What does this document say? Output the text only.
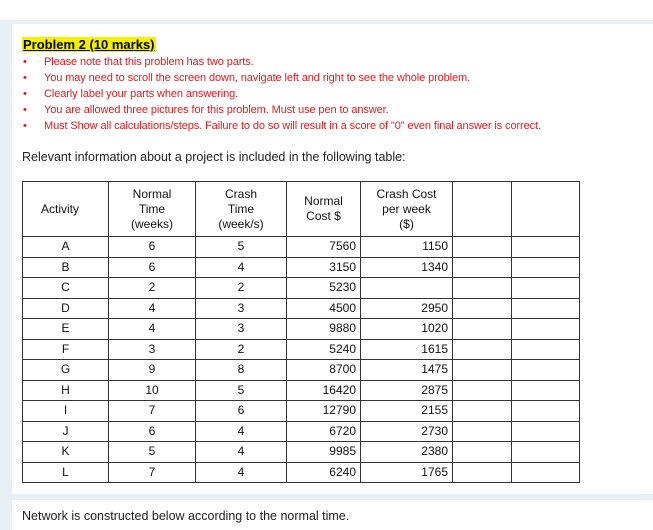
Problem 2 (10 marks)
• Please note that this problem has two parts.
• You may need to scroll the screen down, navigate left and right to see the whole problem.
• Clearly label your parts when answering.
• You are allowed three pictures for this problem. Must use pen to answer.
• Must Show all calculations/steps. Failure to do so will result in a score of "0" even final answer is correct.

Relevant information about a project is included in the following table:

Activity	Normal
Time
(weeks)	Crash
Time
(week/s)	Normal
Cost $	Crash Cost
per week
($)		

A	6	5	7560	1150		
B	6	4	3150	1340		
C	2	2	5230			
D	4	3	4500	2950		
E	4	3	9880	1020		
F	3	2	5240	1615		
G	9	8	8700	1475		
H	10	5	16420	2875		
I	7	6	12790	2155		
J	6	4	6720	2730		
K	5	4	9985	2380		
L	7	4	6240	1765		

Network is constructed below according to the normal time.
